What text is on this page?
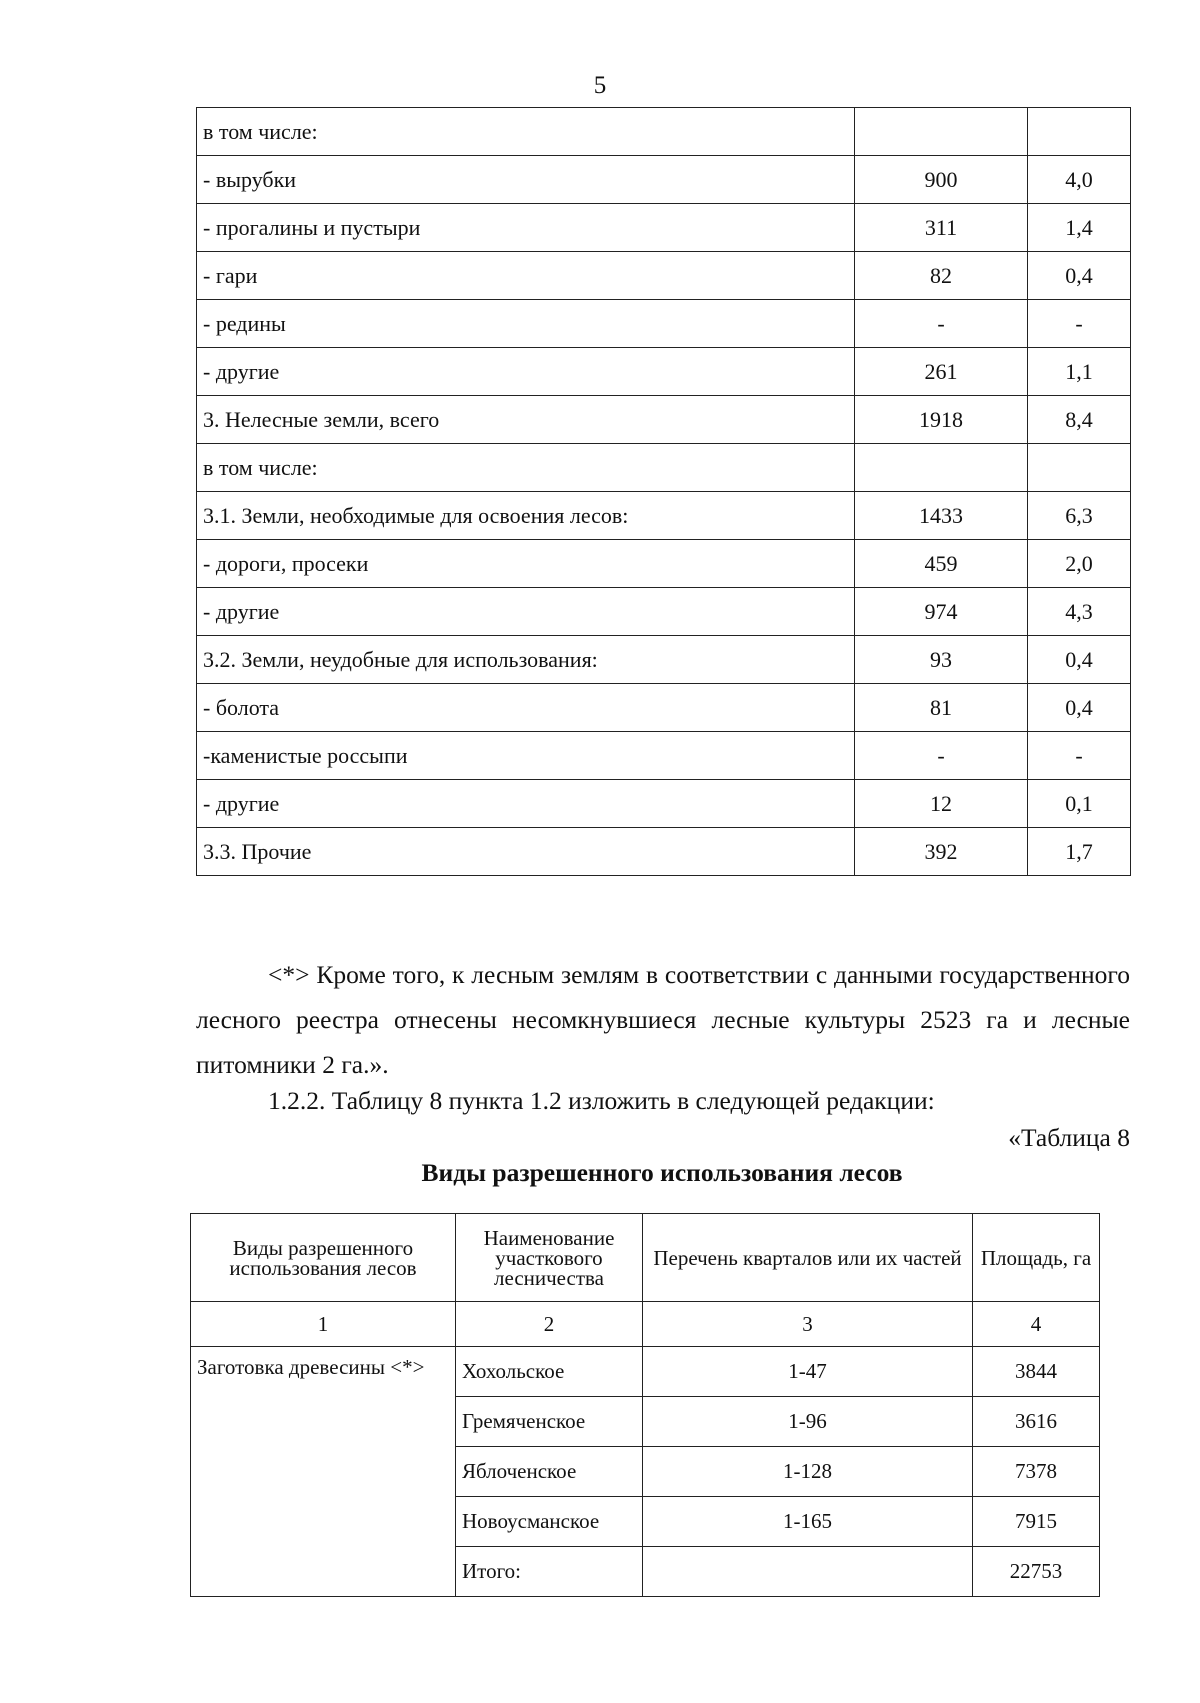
5
в том числе:		
- вырубки	900	4,0
- прогалины и пустыри	311	1,4
- гари	82	0,4
- редины	-	-
- другие	261	1,1
3. Нелесные земли, всего	1918	8,4
в том числе:		
3.1. Земли, необходимые для освоения лесов:	1433	6,3
- дороги, просеки	459	2,0
- другие	974	4,3
3.2. Земли, неудобные для использования:	93	0,4
- болота	81	0,4
-каменистые россыпи	-	-
- другие	12	0,1
3.3. Прочие	392	1,7
<*> Кроме того, к лесным землям в соответствии с данными государственного лесного реестра отнесены несомкнувшиеся лесные культуры 2523 га и лесные питомники 2 га.».
1.2.2. Таблицу 8 пункта 1.2 изложить в следующей редакции:
«Таблица 8
Виды разрешенного использования лесов
Виды разрешенного использования лесов	Наименование участкового лесничества	Перечень кварталов или их частей	Площадь, га
1	2	3	4
Заготовка древесины <*>	Хохольское	1-47	3844
	Гремяченское	1-96	3616
	Яблоченское	1-128	7378
	Новоусманское	1-165	7915
	Итого:		22753
